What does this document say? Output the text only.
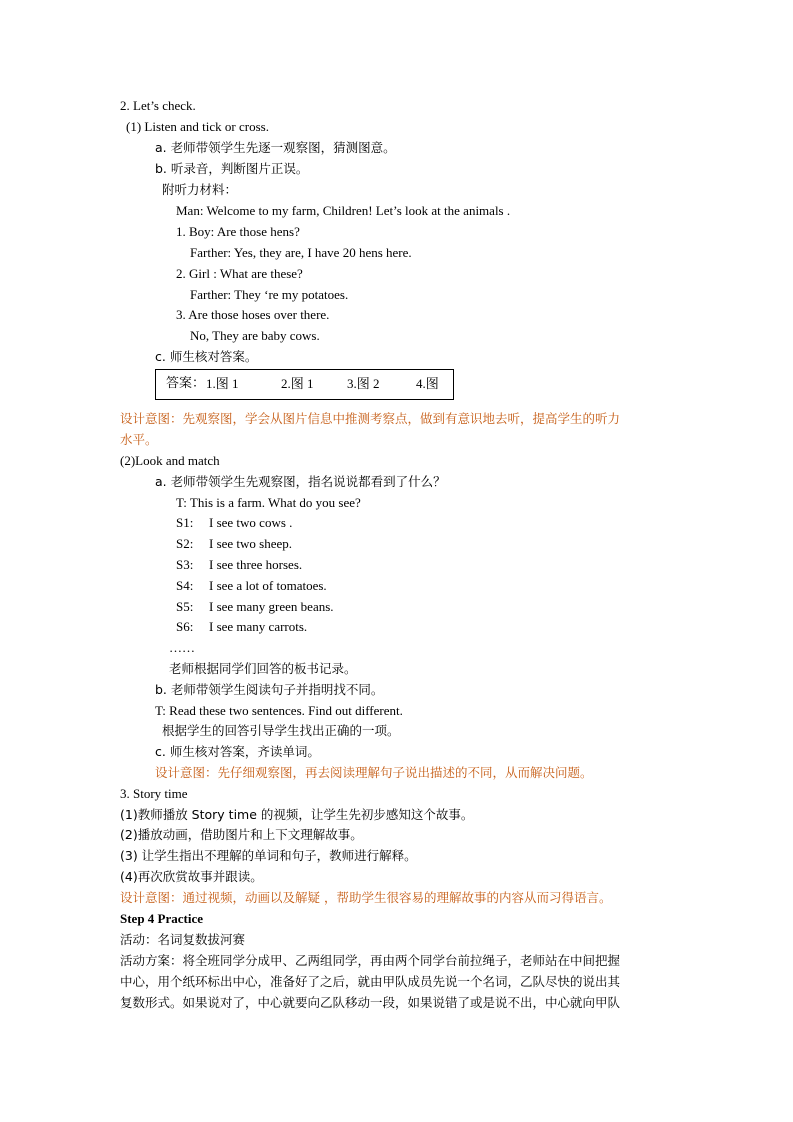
2. Let’s check.
(1) Listen and tick or cross.
a. 老师带领学生先逐一观察图，猜测图意。
b. 听录音，判断图片正误。
附听力材料：
Man: Welcome to my farm, Children! Let’s look at the animals .
1. Boy: Are those hens?
Farther: Yes, they are, I have 20 hens here.
2. Girl : What are these?
Farther: They ‘re my potatoes.
3. Are those hoses over there.
No, They are baby cows.
c. 师生核对答案。
答案： 1.图 1	2.图 1	3.图 2	4.图
设计意图：先观察图，学会从图片信息中推测考察点，做到有意识地去听，提高学生的听力
水平。
(2)Look and match
a. 老师带领学生先观察图，指名说说都看到了什么？
T: This is a farm. What do you see?
S1: I see two cows .
S2: I see two sheep.
S3: I see three horses.
S4: I see a lot of tomatoes.
S5: I see many green beans.
S6: I see many carrots.
……
老师根据同学们回答的板书记录。
b. 老师带领学生阅读句子并指明找不同。
T: Read these two sentences. Find out different.
根据学生的回答引导学生找出正确的一项。
c. 师生核对答案，齐读单词。
设计意图：先仔细观察图，再去阅读理解句子说出描述的不同，从而解决问题。
3. Story time
(1)教师播放 Story time 的视频，让学生先初步感知这个故事。
(2)播放动画，借助图片和上下文理解故事。
(3) 让学生指出不理解的单词和句子，教师进行解释。
(4)再次欣赏故事并跟读。
设计意图：通过视频，动画以及解疑 ，帮助学生很容易的理解故事的内容从而习得语言。
Step 4 Practice
活动：名词复数拔河赛
活动方案：将全班同学分成甲、乙两组同学，再由两个同学台前拉绳子，老师站在中间把握
中心，用个纸环标出中心，准备好了之后，就由甲队成员先说一个名词，乙队尽快的说出其
复数形式。如果说对了，中心就要向乙队移动一段，如果说错了或是说不出，中心就向甲队
